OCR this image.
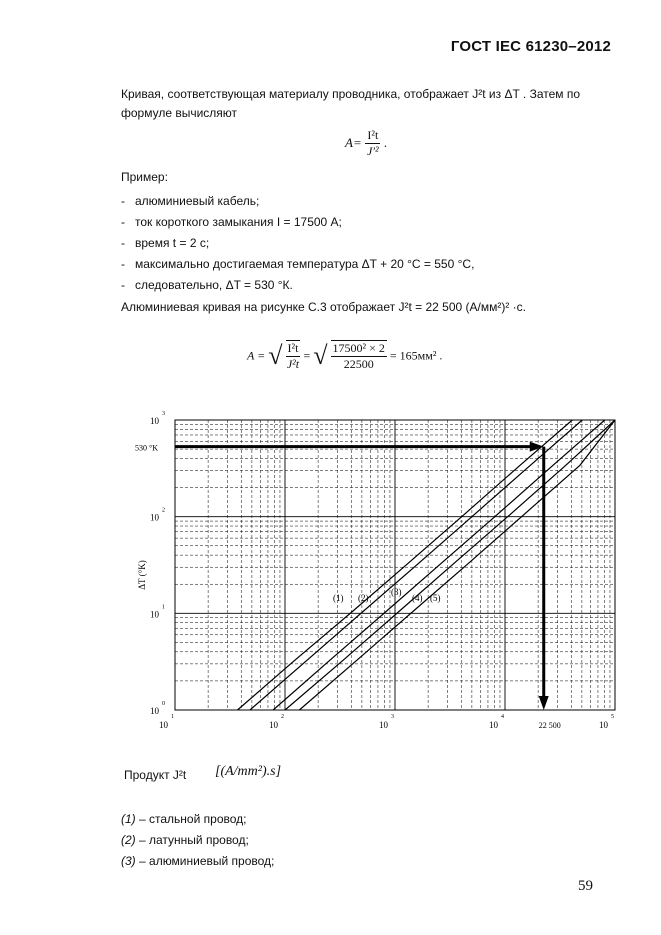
ГОСТ IEC 61230–2012
Кривая, соответствующая материалу проводника, отображает J²t из ΔT . Затем по
формуле вычисляют
$A= \frac{\text{I²t}}{\text{J′²}}$ .
Пример:
- алюминиевый кабель;
- ток короткого замыкания I = 17500 А;
- время t = 2 с;
- максимально достигаемая температура ΔT + 20 °C = 550 °C,
- следовательно, ΔT = 530 °К.
Алюминиевая кривая на рисунке С.3 отображает J²t = 22 500 (А/мм²)² ·с.
A = √ $\frac{\text{I²t}}{\text{J²t}}$ = √ $\frac{\text{17500² × 2}}{22500} = 165мм^2$ .
10
3
10
2
10
1
10
0
10
1
10
2
10
3
10
4
10
5
ΔT (°K)
530 °K
22 500
(1) (2)
(3)
(4) (5)
Продукт J²t [(A/mm²).s]
(1) – стальной провод;
(2) – латунный провод;
(3) – алюминиевый провод;
59
